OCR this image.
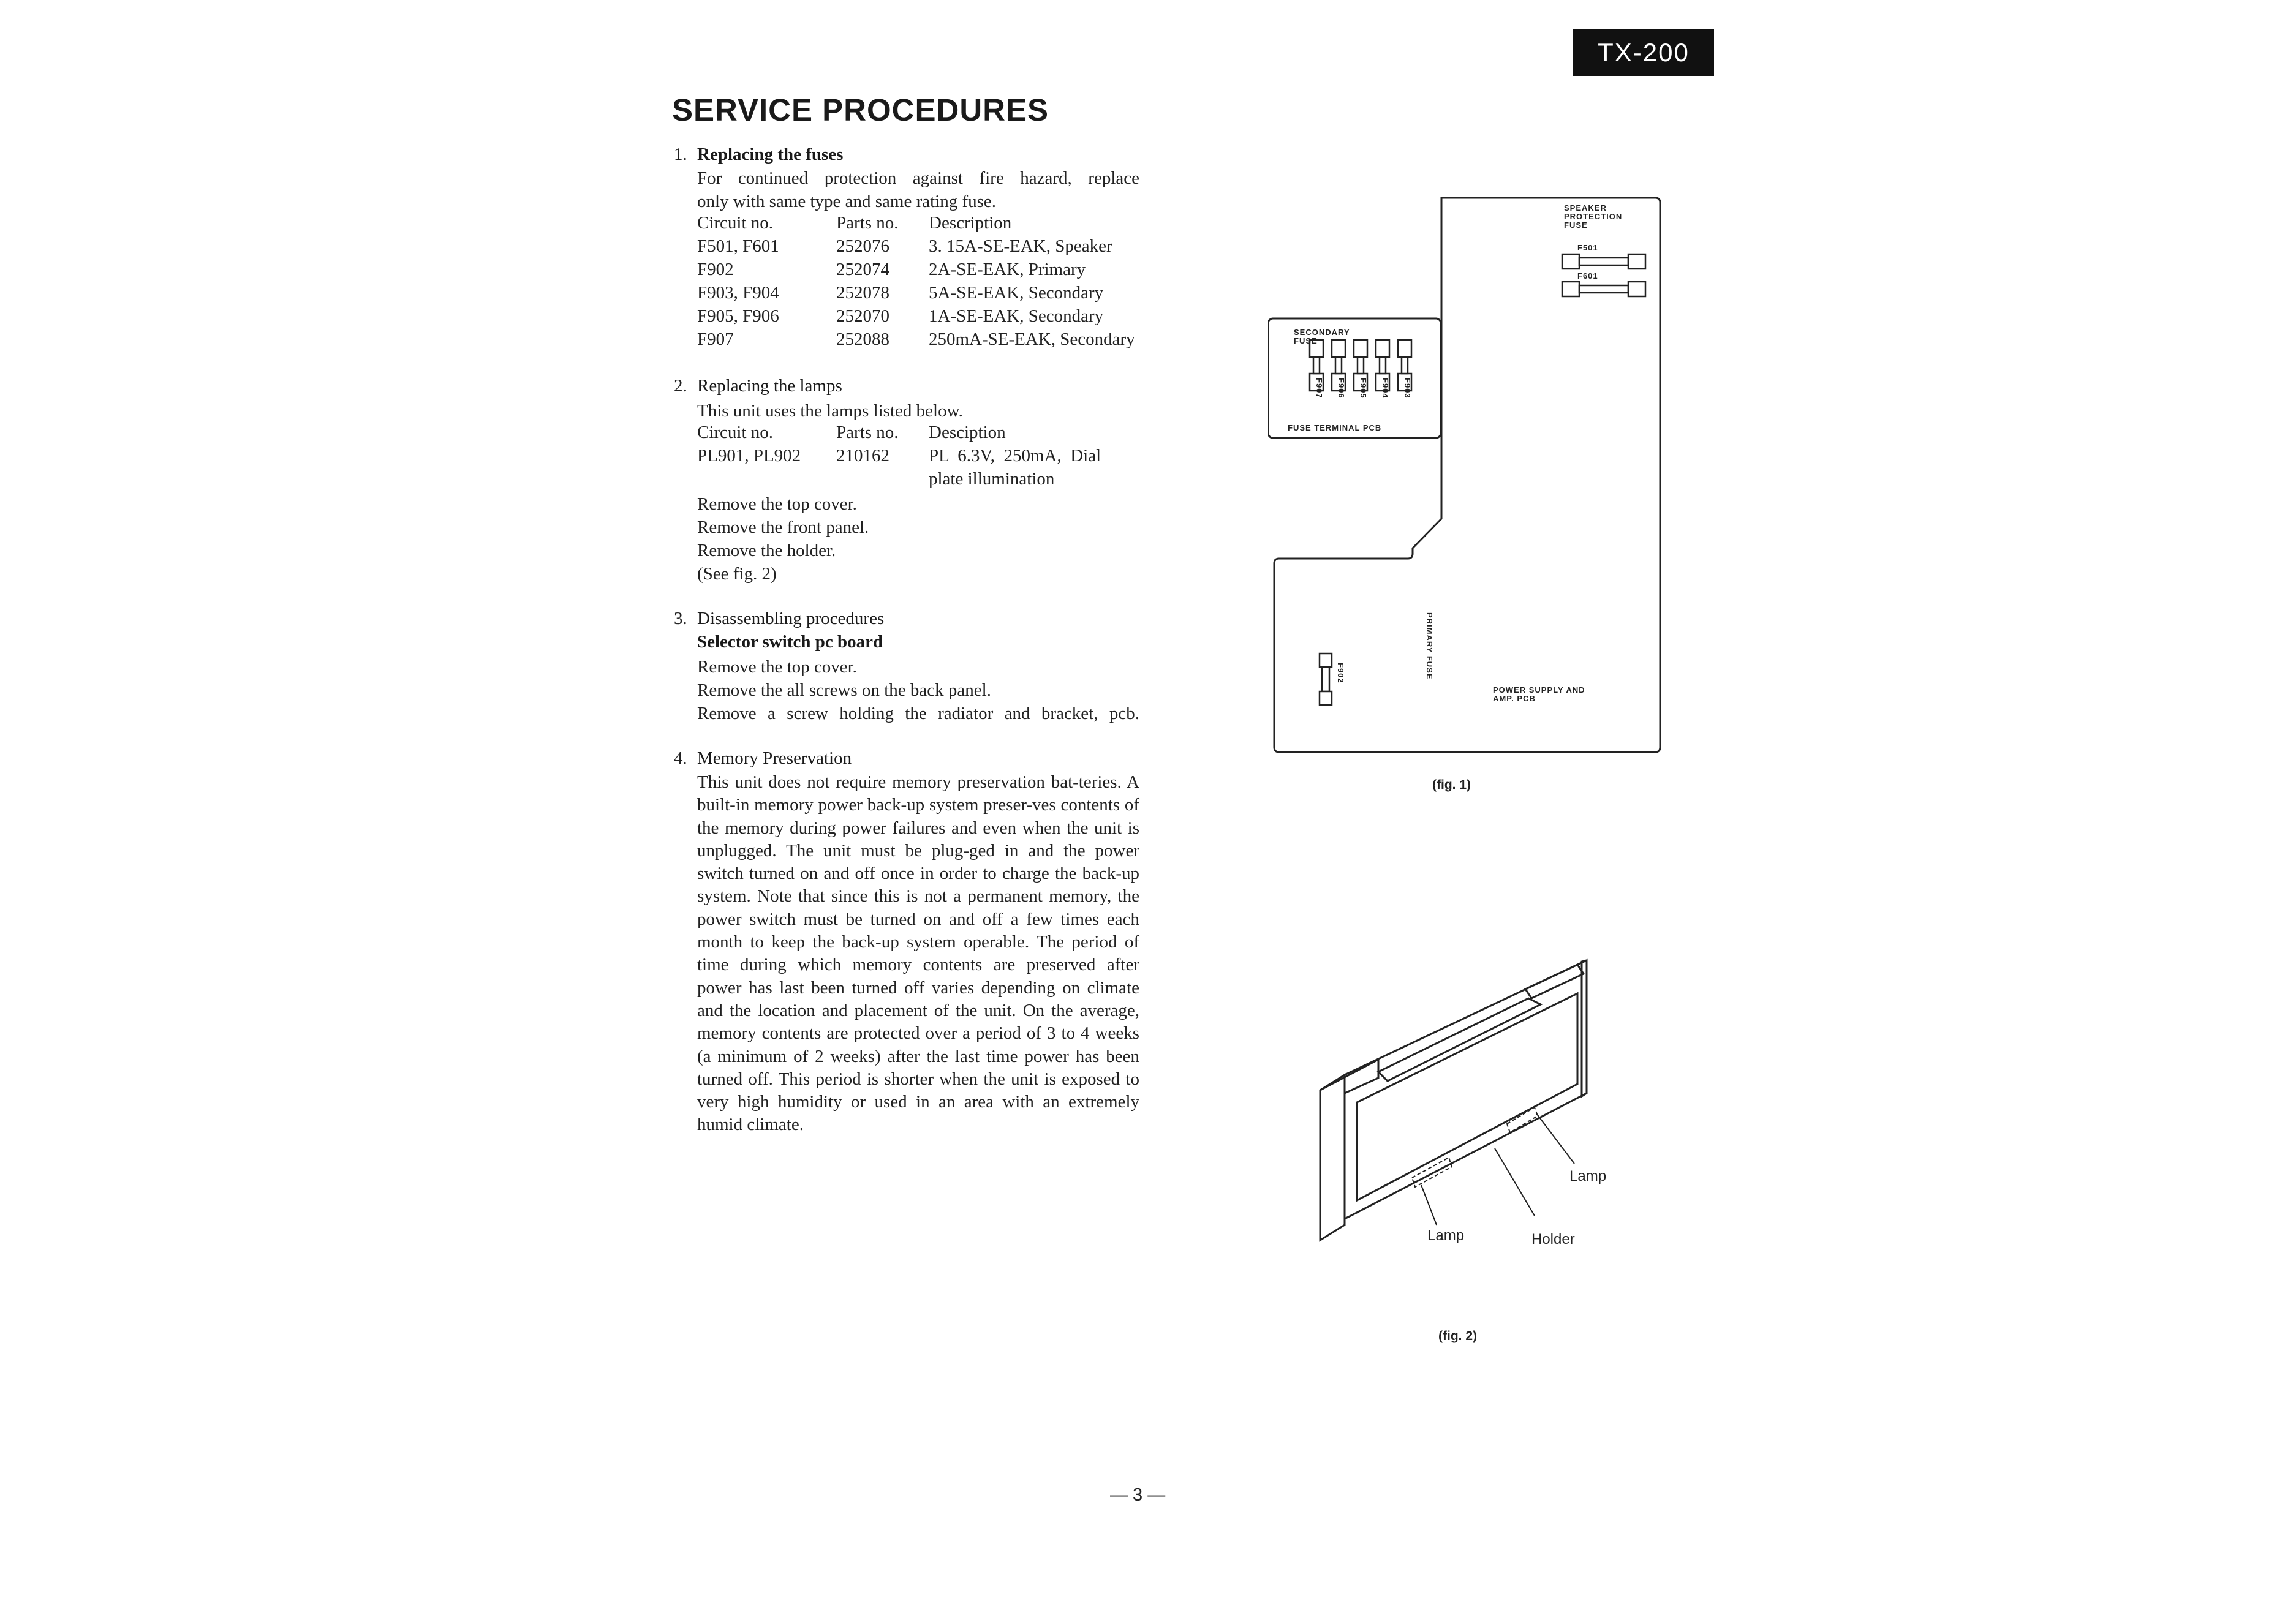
TX-200
SERVICE PROCEDURES
1. Replacing the fuses
For continued protection against fire hazard, replace
only with same type and same rating fuse.
Circuit no.	Parts no. Description
F501, F601	252076 3. 15A-SE-EAK, Speaker
F902	252074 2A-SE-EAK, Primary
F903, F904	252078 5A-SE-EAK, Secondary
F905, F906	252070 1A-SE-EAK, Secondary
F907	252088 250mA-SE-EAK, Secondary
2. Replacing the lamps
This unit uses the lamps listed below.
Circuit no.	Parts no. Desciption
PL901, PL902 210162 PL  6.3V,  250mA,  Dial
plate illumination
Remove the top cover.
Remove the front panel.
Remove the holder.
(See fig. 2)
3. Disassembling procedures
Selector switch pc board
Remove the top cover.
Remove the all screws on the back panel.
Remove a screw holding the radiator and bracket, pcb.
4. Memory Preservation
This unit does not require memory preservation bat-teries. A built-in memory power back-up system preser-ves contents of the memory during power failures and even when the unit is unplugged. The unit must be plug-ged in and the power switch turned on and off once in order to charge the back-up system. Note that since this is not a permanent memory, the power switch must be turned on and off a few times each month to keep the back-up system operable. The period of time during which memory contents are preserved after power has last been turned off varies depending on climate and the location and placement of the unit. On the average, memory contents are protected over a period of 3 to 4 weeks (a minimum of 2 weeks) after the last time power has been turned off. This period is shorter when the unit is exposed to very high humidity or used in an area with an extremely humid climate.
SPEAKER
PROTECTION
FUSE
F501
F601
SECONDARY
FUSE
FUSE TERMINAL PCB
F907 F906 F905 F904 F903
PRIMARY FUSE
F902
POWER SUPPLY AND
AMP. PCB
(fig. 1)
Lamp
Lamp	Holder
(fig. 2)
— 3 —
